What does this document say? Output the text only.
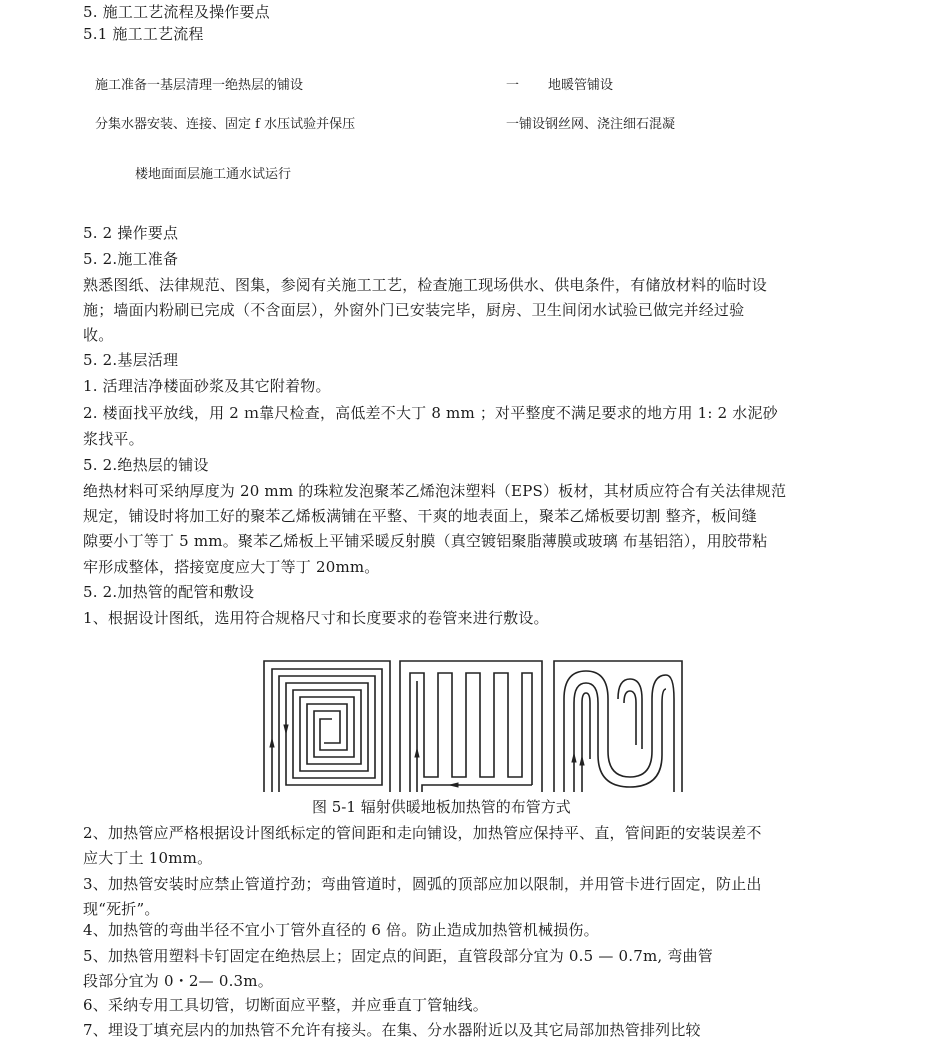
5. 施工工艺流程及操作要点
5.1 施工工艺流程
施工准备一基层清理一绝热层的铺设	一 地暖管铺设
分集水器安装、连接、固定 f 水压试验并保压	一铺设钢丝网、浇注细石混凝
楼地面面层施工通水试运行
5. 2 操作要点
5. 2.施工准备
熟悉图纸、法律规范、图集，参阅有关施工工艺，检查施工现场供水、供电条件，有储放材料的临时设
施；墙面内粉刷已完成（不含面层），外窗外门已安装完毕，厨房、卫生间闭水试验已做完并经过验
收。
5. 2.基层活理
1. 活理洁净楼面砂浆及其它附着物。
2. 楼面找平放线，用 2 ｍ靠尺检查，高低差不大丁 8 mm ；对平整度不满足要求的地方用 1: 2 水泥砂
浆找平。
5. 2.绝热层的铺设
绝热材料可采纳厚度为 20 mm 的珠粒发泡聚苯乙烯泡沫塑料（EPS）板材，其材质应符合有关法律规范
规定，铺设时将加工好的聚苯乙烯板满铺在平整、干爽的地表面上，聚苯乙烯板要切割 整齐，板间缝
隙要小丁等丁 5 mm。聚苯乙烯板上平铺采暖反射膜（真空镀铝聚脂薄膜或玻璃 布基铝箔），用胶带粘
牢形成整体，搭接宽度应大丁等丁 20mm。
5. 2.加热管的配管和敷设
1、根据设计图纸，选用符合规格尺寸和长度要求的卷管来进行敷设。
图 5-1 辐射供暖地板加热管的布管方式
2、加热管应严格根据设计图纸标定的管间距和走向铺设，加热管应保持平、直，管间距的安装误差不
应大丁土 10mm。
3、加热管安装时应禁止管道拧劲；弯曲管道时，圆弧的顶部应加以限制，并用管卡进行固定，防止出
现“死折”。
4、加热管的弯曲半径不宜小丁管外直径的 6 倍。防止造成加热管机械损伤。
5、加热管用塑料卡钉固定在绝热层上；固定点的间距，直管段部分宜为 0.5 — 0.7m, 弯曲管
段部分宜为 0・2— 0.3m。
6、采纳专用工具切管，切断面应平整，并应垂直丁管轴线。
7、埋设丁填充层内的加热管不允许有接头。在集、分水器附近以及其它局部加热管排列比较
